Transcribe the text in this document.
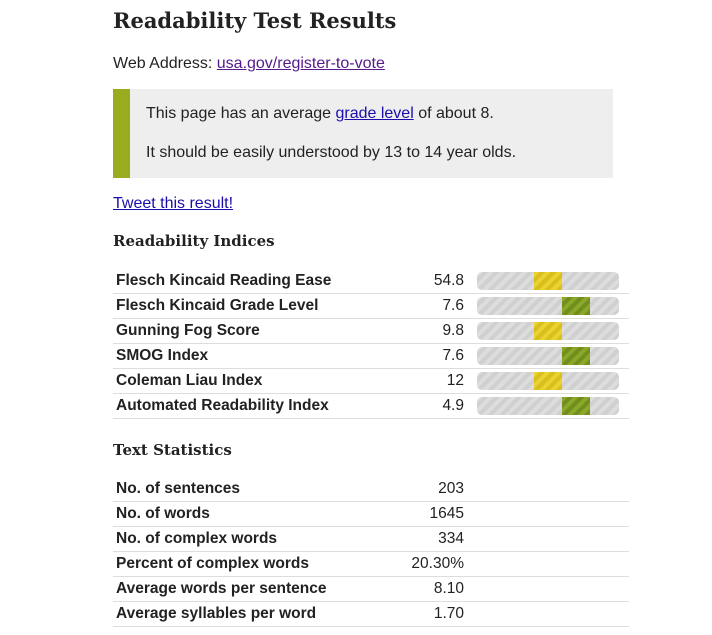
Readability Test Results
Web Address: usa.gov/register-to-vote

This page has an average grade level of about 8.

It should be easily understood by 13 to 14 year olds.

Tweet this result!
Readability Indices
Flesch Kincaid Reading Ease	54.8	

Flesch Kincaid Grade Level	7.6	

Gunning Fog Score	9.8	

SMOG Index	7.6	

Coleman Liau Index	12	

Automated Readability Index	4.9	
Text Statistics
No. of sentences	203	
No. of words	1645	
No. of complex words	334	
Percent of complex words	20.30%	
Average words per sentence	8.10	
Average syllables per word	1.70	
